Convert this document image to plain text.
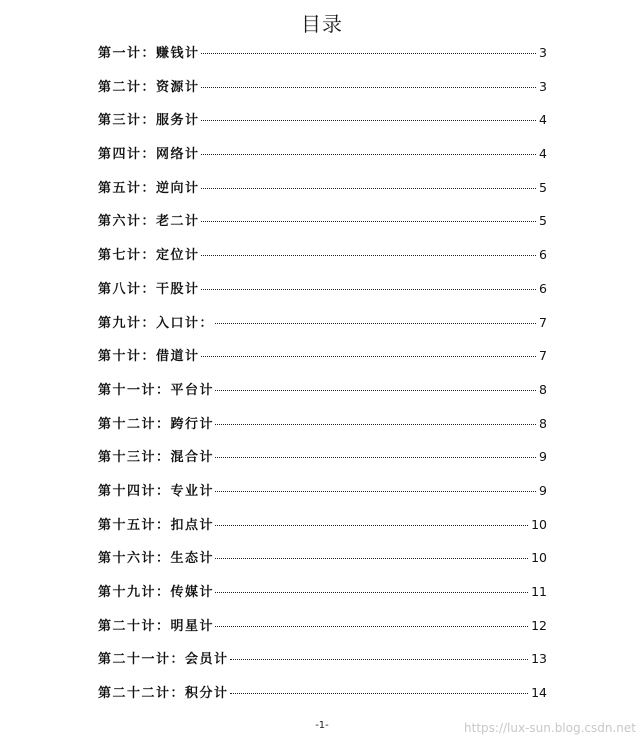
目录
第一计：赚钱计	3
第二计：资源计	3
第三计：服务计	4
第四计：网络计	4
第五计：逆向计	5
第六计：老二计	5
第七计：定位计	6
第八计：干股计	6
第九计：入口计：	7
第十计：借道计	7
第十一计：平台计	8
第十二计：跨行计	8
第十三计：混合计	9
第十四计：专业计	9
第十五计：扣点计	10
第十六计：生态计	10
第十九计：传媒计	11
第二十计：明星计	12
第二十一计：会员计	13
第二十二计：积分计	14
-1-	https://lux-sun.blog.csdn.net
